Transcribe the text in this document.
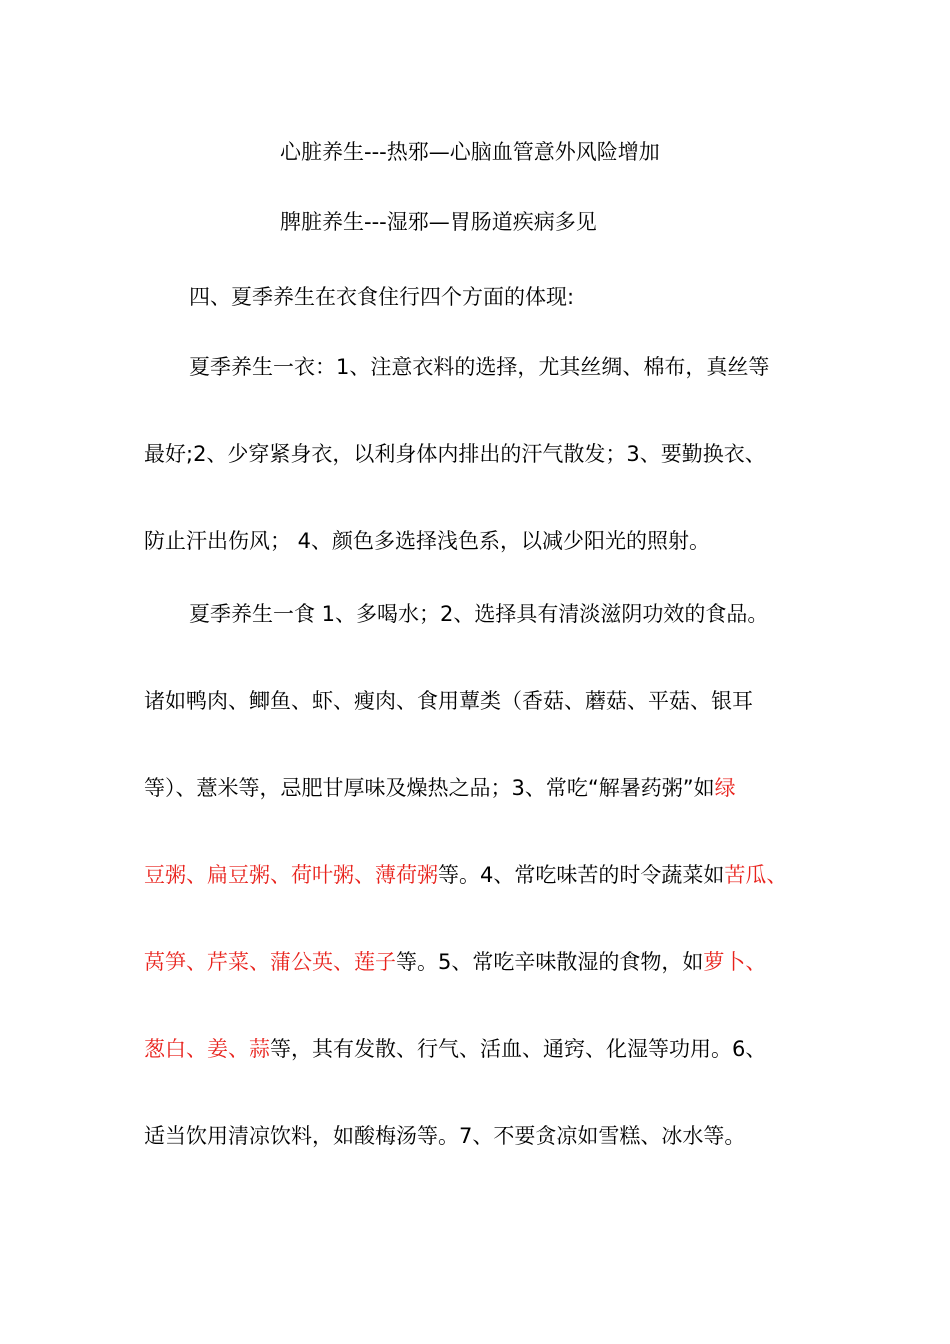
心脏养生---热邪—心脑血管意外风险增加
脾脏养生---湿邪—胃肠道疾病多见
四、夏季养生在衣食住行四个方面的体现:
夏季养生一衣：1、注意衣料的选择，尤其丝绸、棉布，真丝等
最好;2、少穿紧身衣，以利身体内排出的汗气散发；3、要勤换衣、
防止汗出伤风； 4、颜色多选择浅色系，以减少阳光的照射。
夏季养生一食 1、多喝水；2、选择具有清淡滋阴功效的食品。
诸如鸭肉、鲫鱼、虾、瘦肉、食用蕈类（香菇、蘑菇、平菇、银耳
等）、薏米等，忌肥甘厚味及燥热之品；3、常吃“解暑药粥”如绿
豆粥、扁豆粥、荷叶粥、薄荷粥等。4、常吃味苦的时令蔬菜如苦瓜、
莴笋、芹菜、蒲公英、莲子等。5、常吃辛味散湿的食物，如萝卜、
葱白、姜、蒜等，其有发散、行气、活血、通窍、化湿等功用。6、
适当饮用清凉饮料，如酸梅汤等。7、不要贪凉如雪糕、冰水等。
